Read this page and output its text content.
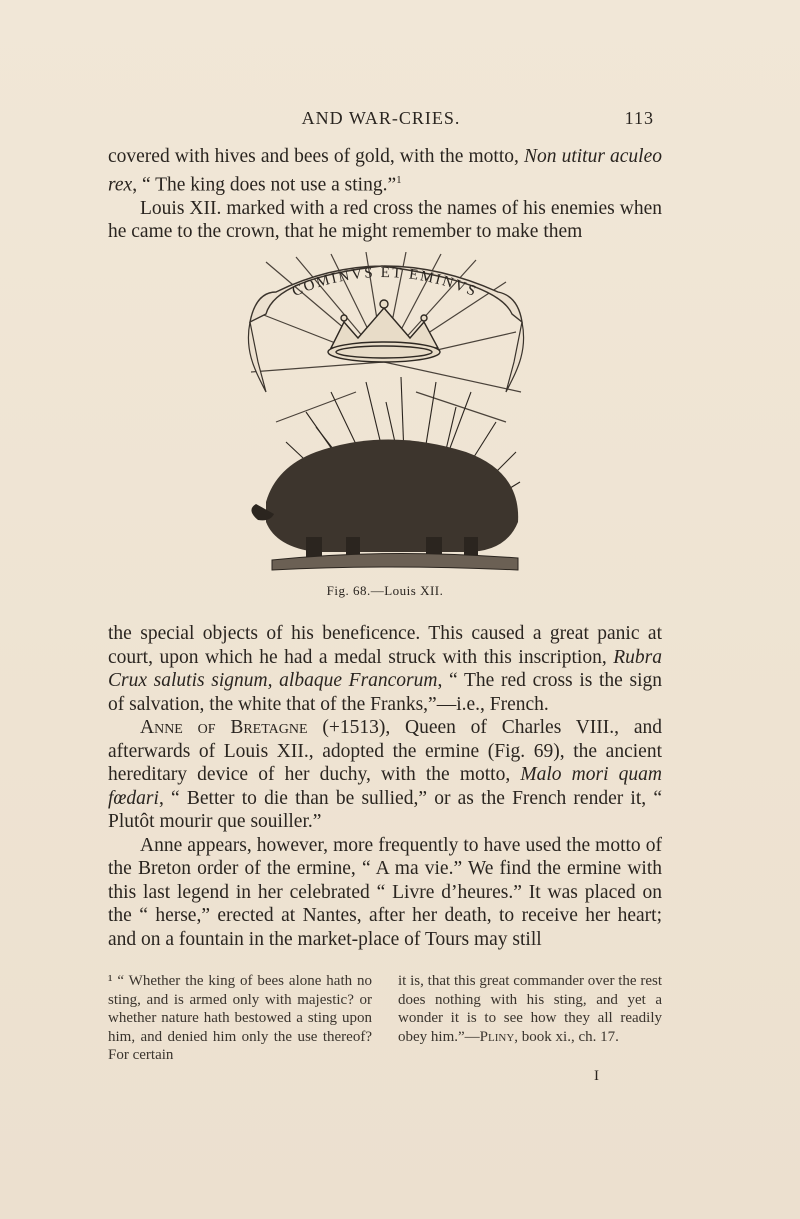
AND WAR-CRIES.	113

covered with hives and bees of gold, with the motto, Non utitur aculeo rex, “ The king does not use a sting.”$^1$

Louis XII. marked with a red cross the names of his enemies when he came to the crown, that he might remember to make them

COMINVS ET EMINVS
Fig. 68.—Louis XII.

the special objects of his beneficence. This caused a great panic at court, upon which he had a medal struck with this inscription, Rubra Crux salutis signum, albaque Francorum, “ The red cross is the sign of salvation, the white that of the Franks,”—i.e., French.

Anne of Bretagne (+1513), Queen of Charles VIII., and afterwards of Louis XII., adopted the ermine (Fig. 69), the ancient hereditary device of her duchy, with the motto, Malo mori quam fœdari, “ Better to die than be sullied,” or as the French render it, “ Plutôt mourir que souiller.”

Anne appears, however, more frequently to have used the motto of the Breton order of the ermine, “ A ma vie.” We find the ermine with this last legend in her celebrated “ Livre d’heures.” It was placed on the “ herse,” erected at Nantes, after her death, to receive her heart; and on a fountain in the market-place of Tours may still

¹ “ Whether the king of bees alone hath no sting, and is armed only with majestic? or whether nature hath bestowed a sting upon him, and denied him only the use thereof? For certain

it is, that this great commander over the rest does nothing with his sting, and yet a wonder it is to see how they all readily obey him.”—Pliny, book xi., ch. 17.

I
